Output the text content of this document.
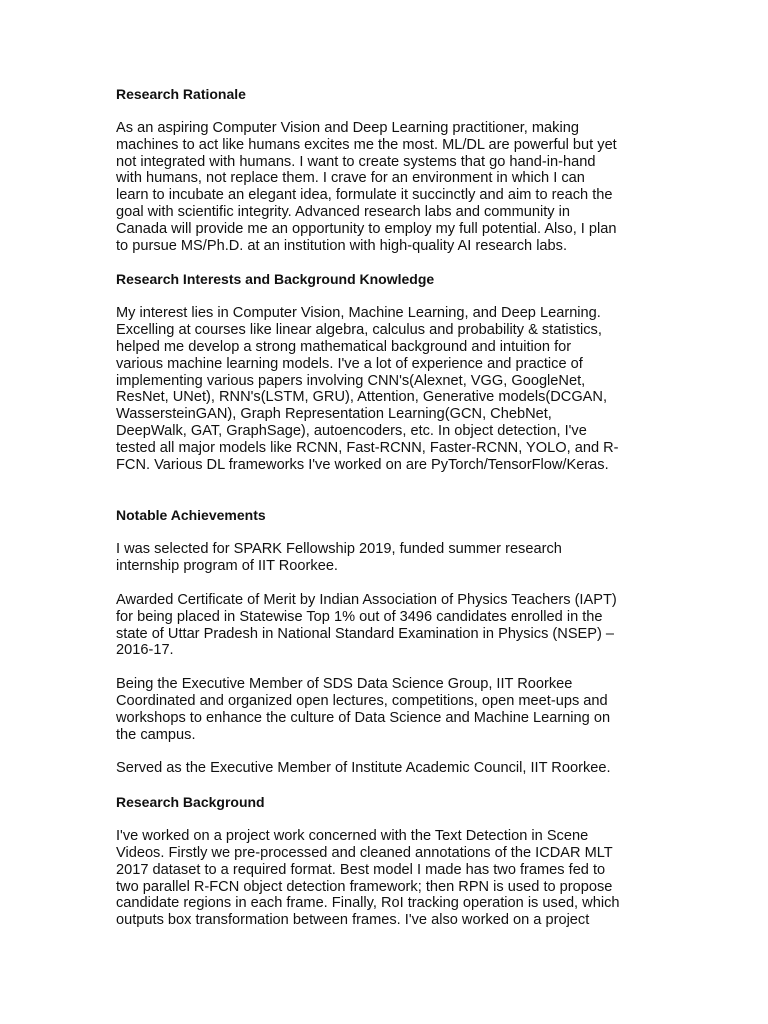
Research Rationale
As an aspiring Computer Vision and Deep Learning practitioner, making
machines to act like humans excites me the most. ML/DL are powerful but yet
not integrated with humans. I want to create systems that go hand-in-hand
with humans, not replace them. I crave for an environment in which I can
learn to incubate an elegant idea, formulate it succinctly and aim to reach the
goal with scientific integrity. Advanced research labs and community in
Canada will provide me an opportunity to employ my full potential. Also, I plan
to pursue MS/Ph.D. at an institution with high-quality AI research labs.
Research Interests and Background Knowledge
My interest lies in Computer Vision, Machine Learning, and Deep Learning.
Excelling at courses like linear algebra, calculus and probability & statistics,
helped me develop a strong mathematical background and intuition for
various machine learning models. I've a lot of experience and practice of
implementing various papers involving CNN's(Alexnet, VGG, GoogleNet,
ResNet, UNet), RNN's(LSTM, GRU), Attention, Generative models(DCGAN,
WassersteinGAN), Graph Representation Learning(GCN, ChebNet,
DeepWalk, GAT, GraphSage), autoencoders, etc. In object detection, I've
tested all major models like RCNN, Fast-RCNN, Faster-RCNN, YOLO, and R-
FCN. Various DL frameworks I've worked on are PyTorch/TensorFlow/Keras.
Notable Achievements
I was selected for SPARK Fellowship 2019, funded summer research
internship program of IIT Roorkee.
Awarded Certificate of Merit by Indian Association of Physics Teachers (IAPT)
for being placed in Statewise Top 1% out of 3496 candidates enrolled in the
state of Uttar Pradesh in National Standard Examination in Physics (NSEP) –
2016-17.
Being the Executive Member of SDS Data Science Group, IIT Roorkee
Coordinated and organized open lectures, competitions, open meet-ups and
workshops to enhance the culture of Data Science and Machine Learning on
the campus.
Served as the Executive Member of Institute Academic Council, IIT Roorkee.
Research Background
I've worked on a project work concerned with the Text Detection in Scene
Videos. Firstly we pre-processed and cleaned annotations of the ICDAR MLT
2017 dataset to a required format. Best model I made has two frames fed to
two parallel R-FCN object detection framework; then RPN is used to propose
candidate regions in each frame. Finally, RoI tracking operation is used, which
outputs box transformation between frames. I've also worked on a project
